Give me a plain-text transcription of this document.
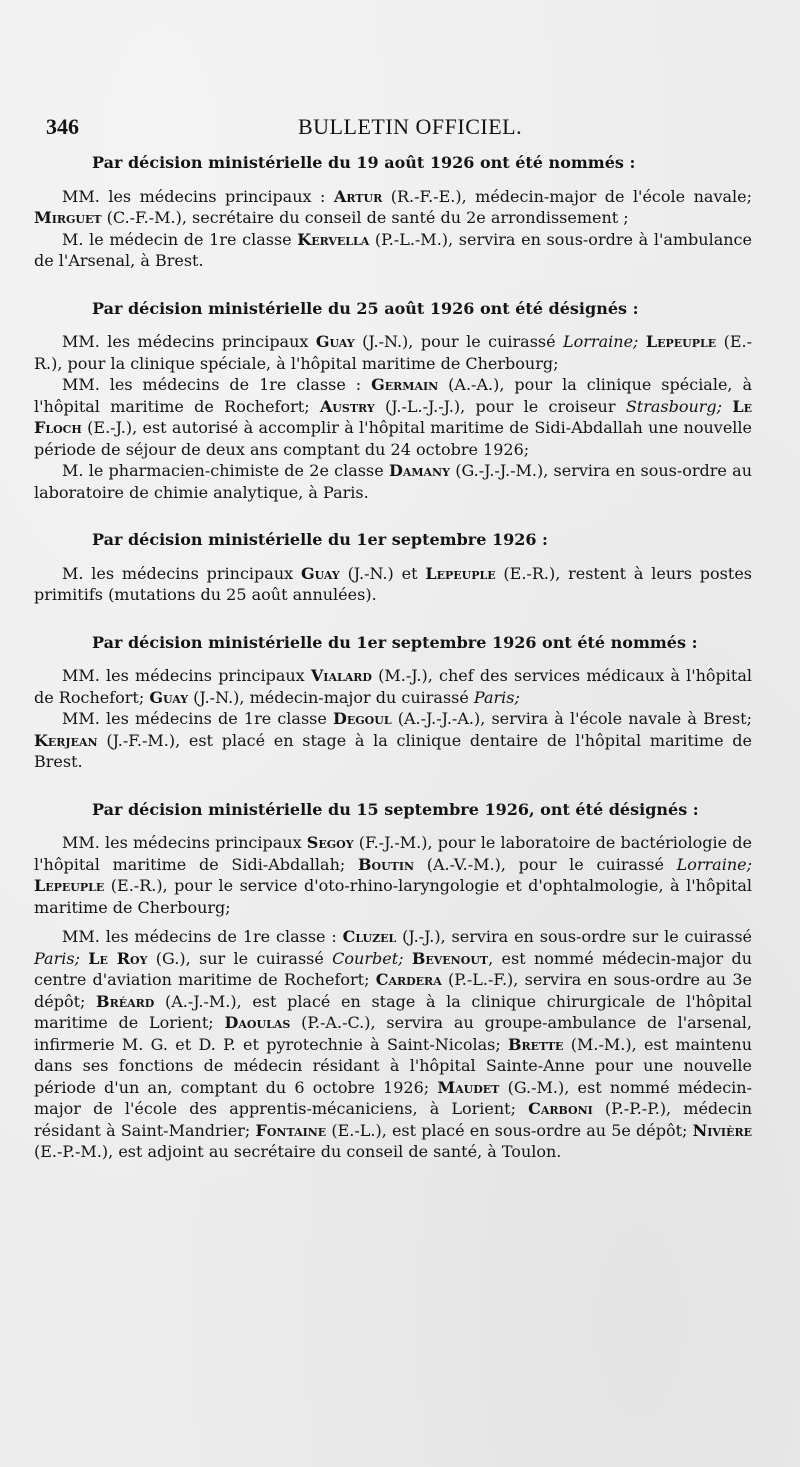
346	BULLETIN OFFICIEL.

Par décision ministérielle du 19 août 1926 ont été nommés :

MM. les médecins principaux : Artur (R.-F.-E.), médecin-major de l'école navale; Mirguet (C.-F.-M.), secrétaire du conseil de santé du 2e arrondissement ;

M. le médecin de 1re classe Kervella (P.-L.-M.), servira en sous-ordre à l'ambulance de l'Arsenal, à Brest.

Par décision ministérielle du 25 août 1926 ont été désignés :

MM. les médecins principaux Guay (J.-N.), pour le cuirassé Lorraine; Lepeuple (E.-R.), pour la clinique spéciale, à l'hôpital maritime de Cherbourg;

MM. les médecins de 1re classe : Germain (A.-A.), pour la clinique spéciale, à l'hôpital maritime de Rochefort; Austry (J.-L.-J.-J.), pour le croiseur Strasbourg; Le Floch (E.-J.), est autorisé à accomplir à l'hôpital maritime de Sidi-Abdallah une nouvelle période de séjour de deux ans comptant du 24 octobre 1926;

M. le pharmacien-chimiste de 2e classe Damany (G.-J.-J.-M.), servira en sous-ordre au laboratoire de chimie analytique, à Paris.

Par décision ministérielle du 1er septembre 1926 :

M. les médecins principaux Guay (J.-N.) et Lepeuple (E.-R.), restent à leurs postes primitifs (mutations du 25 août annulées).

Par décision ministérielle du 1er septembre 1926 ont été nommés :

MM. les médecins principaux Vialard (M.-J.), chef des services médicaux à l'hôpital de Rochefort; Guay (J.-N.), médecin-major du cuirassé Paris;

MM. les médecins de 1re classe Degoul (A.-J.-J.-A.), servira à l'école navale à Brest; Kerjean (J.-F.-M.), est placé en stage à la clinique dentaire de l'hôpital maritime de Brest.

Par décision ministérielle du 15 septembre 1926, ont été désignés :

MM. les médecins principaux Segoy (F.-J.-M.), pour le laboratoire de bactériologie de l'hôpital maritime de Sidi-Abdallah; Boutin (A.-V.-M.), pour le cuirassé Lorraine; Lepeuple (E.-R.), pour le service d'oto-rhino-laryngologie et d'ophtalmologie, à l'hôpital maritime de Cherbourg;

MM. les médecins de 1re classe : Cluzel (J.-J.), servira en sous-ordre sur le cuirassé Paris; Le Roy (G.), sur le cuirassé Courbet; Bevenout, est nommé médecin-major du centre d'aviation maritime de Rochefort; Cardera (P.-L.-F.), servira en sous-ordre au 3e dépôt; Bréard (A.-J.-M.), est placé en stage à la clinique chirurgicale de l'hôpital maritime de Lorient; Daoulas (P.-A.-C.), servira au groupe-ambulance de l'arsenal, infirmerie M. G. et D. P. et pyrotechnie à Saint-Nicolas; Brette (M.-M.), est maintenu dans ses fonctions de médecin résidant à l'hôpital Sainte-Anne pour une nouvelle période d'un an, comptant du 6 octobre 1926; Maudet (G.-M.), est nommé médecin-major de l'école des apprentis-mécaniciens, à Lorient; Carboni (P.-P.-P.), médecin résidant à Saint-Mandrier; Fontaine (E.-L.), est placé en sous-ordre au 5e dépôt; Nivière (E.-P.-M.), est adjoint au secrétaire du conseil de santé, à Toulon.
